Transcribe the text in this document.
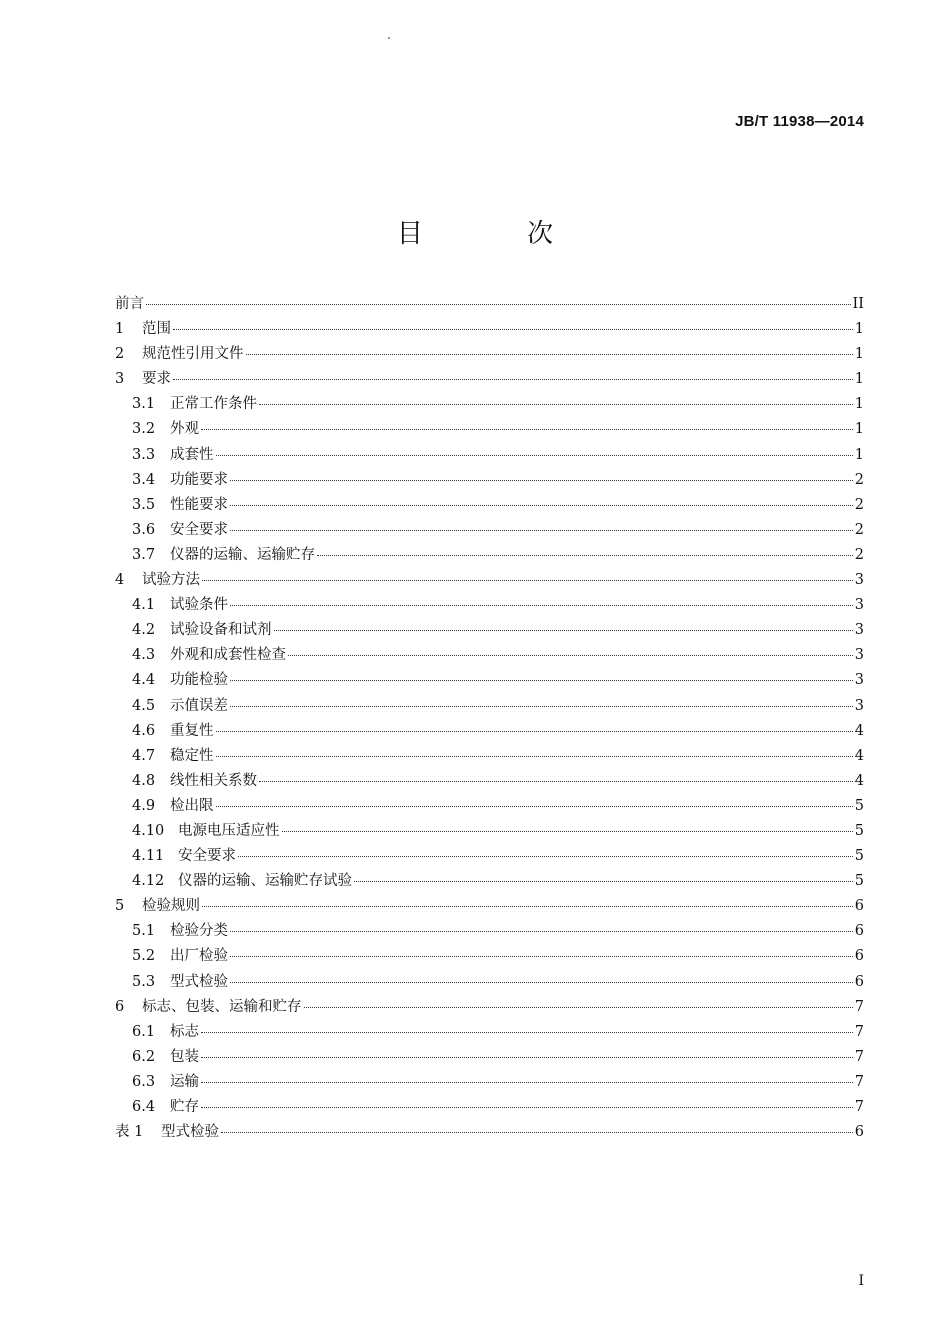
JB/T 11938—2014
目 次
前言	II
1	范围	1
2	规范性引用文件	1
3	要求	1
3.1	正常工作条件	1
3.2	外观	1
3.3	成套性	1
3.4	功能要求	2
3.5	性能要求	2
3.6	安全要求	2
3.7	仪器的运输、运输贮存	2
4	试验方法	3
4.1	试验条件	3
4.2	试验设备和试剂	3
4.3	外观和成套性检查	3
4.4	功能检验	3
4.5	示值误差	3
4.6	重复性	4
4.7	稳定性	4
4.8	线性相关系数	4
4.9	检出限	5
4.10 电源电压适应性	5
4.11 安全要求	5
4.12 仪器的运输、运输贮存试验	5
5	检验规则	6
5.1	检验分类	6
5.2	出厂检验	6
5.3	型式检验	6
6	标志、包装、运输和贮存	7
6.1	标志	7
6.2	包装	7
6.3	运输	7
6.4	贮存	7
表 1	型式检验	6
I
